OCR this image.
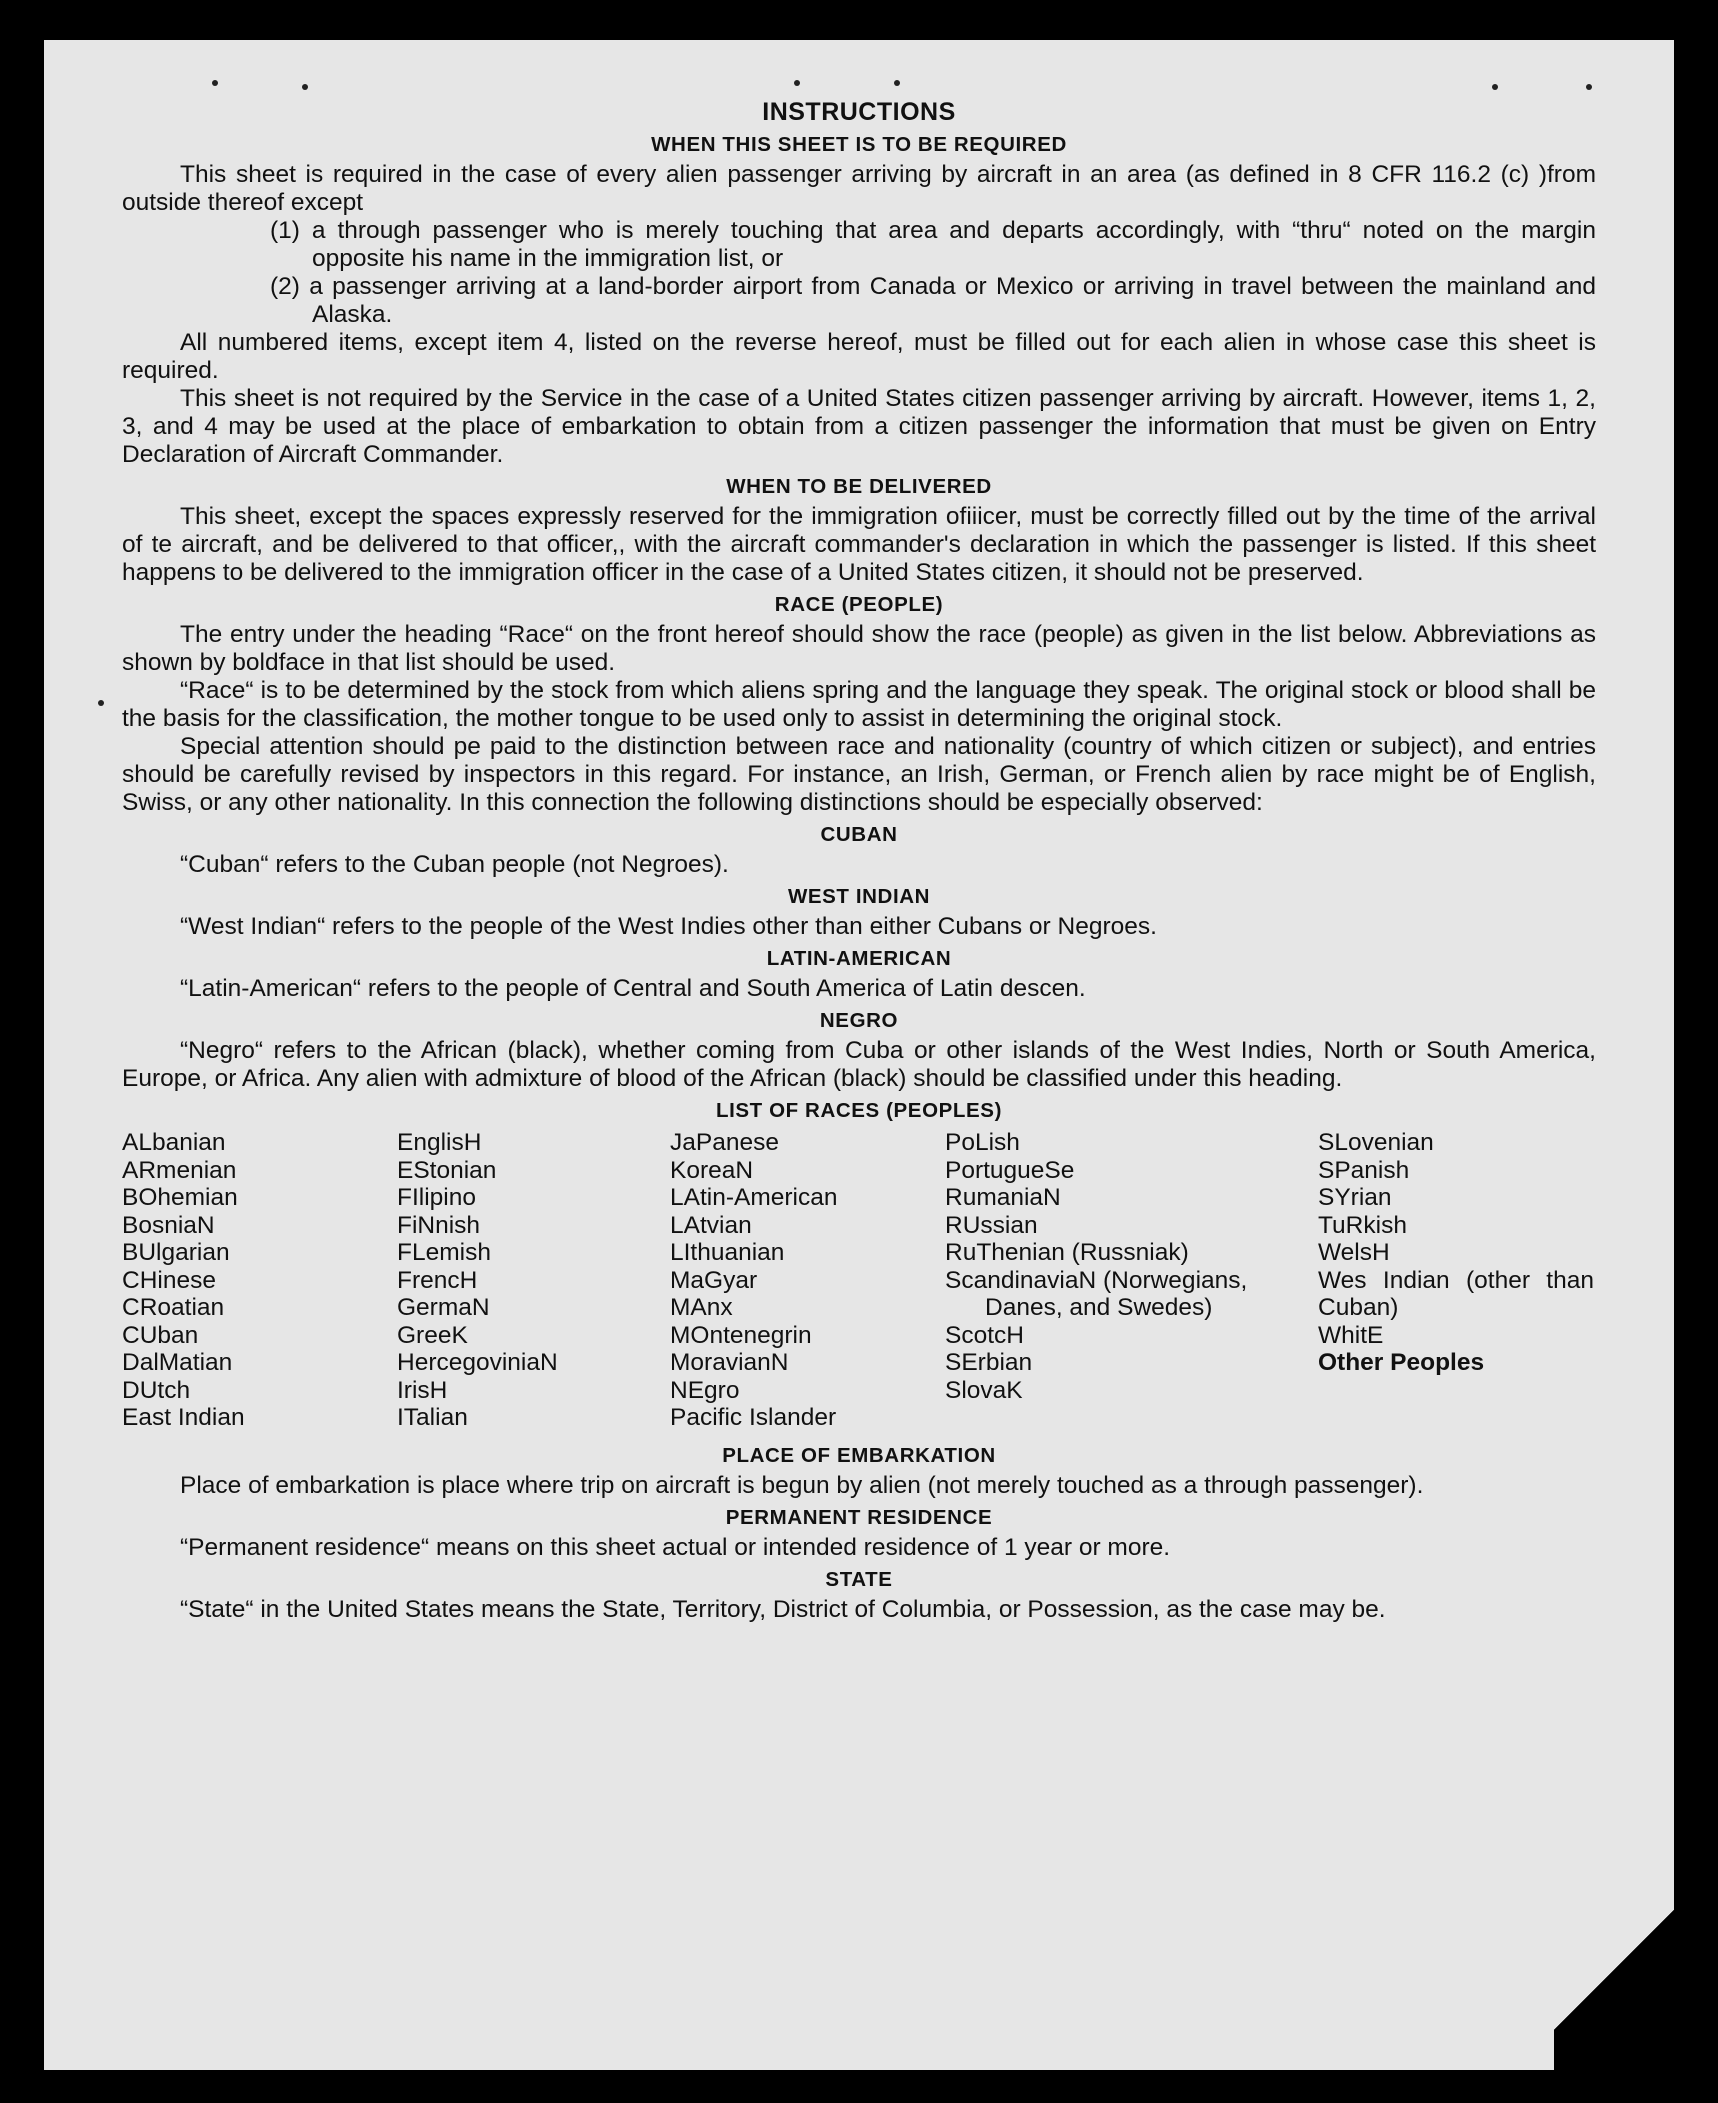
INSTRUCTIONS
WHEN THIS SHEET IS TO BE REQUIRED

This sheet is required in the case of every alien passenger arriving by aircraft in an area (as defined in 8 CFR 116.2 (c) )from outside thereof except

(1) a through passenger who is merely touching that area and departs accordingly, with “thru“ noted on the margin opposite his name in the immigration list, or

(2) a passenger arriving at a land-border airport from Canada or Mexico or arriving in travel between the mainland and Alaska.

All numbered items, except item 4, listed on the reverse hereof, must be filled out for each alien in whose case this sheet is required.

This sheet is not required by the Service in the case of a United States citizen passenger arriving by aircraft. However, items 1, 2, 3, and 4 may be used at the place of embarkation to obtain from a citizen passenger the information that must be given on Entry Declaration of Aircraft Commander.

WHEN TO BE DELIVERED

This sheet, except the spaces expressly reserved for the immigration ofiiicer, must be correctly filled out by the time of the arrival of te aircraft, and be delivered to that officer,, with the aircraft commander's declaration in which the passenger is listed. If this sheet happens to be delivered to the immigration officer in the case of a United States citizen, it should not be preserved.

RACE (PEOPLE)

The entry under the heading “Race“ on the front hereof should show the race (people) as given in the list below. Abbreviations as shown by boldface in that list should be used.

“Race“ is to be determined by the stock from which aliens spring and the language they speak. The original stock or blood shall be the basis for the classification, the mother tongue to be used only to assist in determining the original stock.

Special attention should pe paid to the distinction between race and nationality (country of which citizen or subject), and entries should be carefully revised by inspectors in this regard. For instance, an Irish, German, or French alien by race might be of English, Swiss, or any other nationality. In this connection the following distinctions should be especially observed:

CUBAN

“Cuban“ refers to the Cuban people (not Negroes).

WEST INDIAN

“West Indian“ refers to the people of the West Indies other than either Cubans or Negroes.

LATIN-AMERICAN

“Latin-American“ refers to the people of Central and South America of Latin descen.

NEGRO

“Negro“ refers to the African (black), whether coming from Cuba or other islands of the West Indies, North or South America, Europe, or Africa. Any alien with admixture of blood of the African (black) should be classified under this heading.

LIST OF RACES (PEOPLES)
ALbanian
ARmenian
BOhemian
BosniaN
BUlgarian
CHinese
CRoatian
CUban
DalMatian
DUtch
East Indian
EnglisH
EStonian
FIlipino
FiNnish
FLemish
FrencH
GermaN
GreeK
HercegoviniaN
IrisH
ITalian
JaPanese
KoreaN
LAtin-American
LAtvian
LIthuanian
MaGyar
MAnx
MOntenegrin
MoravianN
NEgro
Pacific Islander
PoLish
PortugueSe
RumaniaN
RUssian
RuThenian (Russniak)
ScandinaviaN (Norwegians, Danes, and Swedes)
ScotcH
SErbian
SlovaK
SLovenian
SPanish
SYrian
TuRkish
WelsH
Wes Indian (other than Cuban)
WhitE
Other Peoples
PLACE OF EMBARKATION

Place of embarkation is place where trip on aircraft is begun by alien (not merely touched as a through passenger).

PERMANENT RESIDENCE

“Permanent residence“ means on this sheet actual or intended residence of 1 year or more.

STATE

“State“ in the United States means the State, Territory, District of Columbia, or Possession, as the case may be.
